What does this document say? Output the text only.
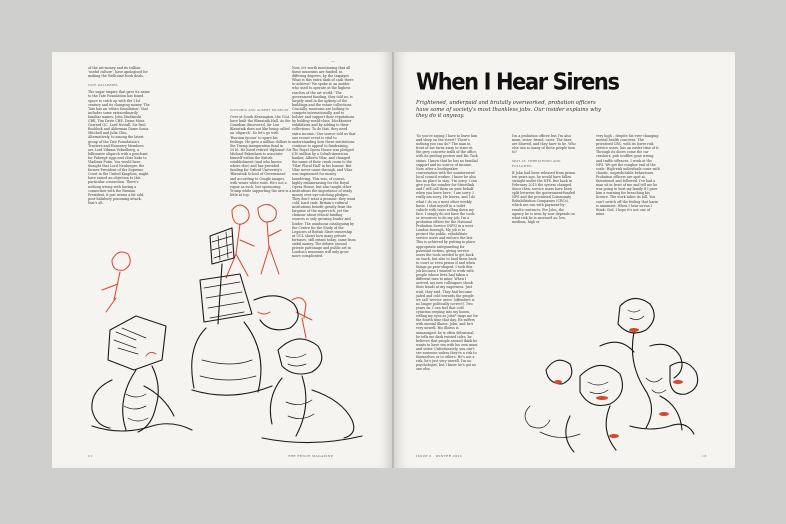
—

of the art-money and its trillion-'useful culture', have apologised for making the Wellcome book deals.

TATE GALLERIES

The sugar empire that gave its name to the Tate Foundation has found space to catch up with the 21st century and its changing money. The Tate has an 'ethics foundation': that includes some extraordinarily familiar names: John Studzinski CBE, Tim Davie CBE, Dame Mora Gerrard QC, Lord Nuttall, Sir Paul Ruddock and Alderman Dame Sonia Mitchell and Julia Chiu. Alternatively, to among the latest group of the Tate Foundation's Trustees and Honorary Members are Lord Vikram Vekselberg, a billionaire oligarch with a penchant for Fabergé eggs and close links to Vladimir Putin. You would have thought that Lord Neuberger, the former President of the Supreme Court in the United Kingdom, might have raised an objection to this particular connection. There's nothing wrong with having a connection with the Russian President, it just seems a bit odd, post-Salisbury poisoning attack, that's all.

VICTORIA AND ALBERT MUSEUM

Over at South Kensington, the V&A have built the Blavatnik Hall. As the Guardian discovered, Sir Len Blavatnik does not like being called an 'oligarch'. So let's go with 'Russian tycoon' to spare his feelings. He gave a million dollars to the Trump inauguration fund in 2016. He hired retired 'diplomat' Sir Michael Pakenham to associate himself within the British establishment (and who knows where else) and has provided funding for Oxford University's 'Blavatnik School of Government' and according to Google images, with wears white suits. He's not a rogue as such, but sponsoring Trump while supporting the arts is a little at top.

Now, it's worth mentioning that all these museums are funded, in differing degrees, by the taxpayer. What is this extra dash of cash there to achieve? We spoke to an insider who used to operate at the highest reaches of the art world. 'The government funding, they told us, is largely used in the upkeep of the buildings and the estate collections. Crucially, museums are looking to compete internationally, and to bolster and support their reputations by holding world-class, blockbuster exhibitions and by adding to their collections. To do that, they need extra income.' Our source told us that one recent event is vital to understanding how these institutions continue to appeal to fundraising. The Royal Opera House was pledged £10 million by a Cobalt-American banker, Alberto Vilar, and changed the name of their crush room to the 'Vilar Floral Hall' in his honour. But Vilar never came through, and Vilar was imprisoned for money laundering. This was, of course, highly embarrassing for the Royal Opera House, but also taught other institutions the importance of ready money over eye-catching pledges. They don't want a promise: they want cold, hard cash. Britain's cultural institutions benefit greatly from the largesse of the super-rich, yet the clamour about ethical funding sources is only growing louder and louder. The assiduous cataloguing by the Centre for the Study of the Legacies of British Slave-ownership at UCL shows how many private fortunes, still extant today, came from sinful money. The debate around private patronage and public art in London's museums will only grow more complicated.

11	THE FENCE MAGAZINE
When I Hear Sirens
Frightened, underpaid and brutally overworked, probation officers have some of society's most thankless jobs. Our insider explains why they do it anyway.

'So you're saying I have to leave him and sleep on the street? There's nothing you can do?' The man in front of me turns away to stare at the grey concrete walls of the office, with its peeling posters and Bic Tack stains. I know that he has no familial support and no source of income. Now, after a loudspeaker conversation with the uninterested local council worker, I know he also has no place to stay. 'I'm sorry. I can give you the number for Streetlink and I will call them on your behalf when you leave here.' I am sorry. I really am sorry. He leaves, and I do what I do on a most other weekly basis. I shut myself in a toilet cubicle with tears rolling down my face. I simply do not have the tools or resources to do my job. I'm a probation officer for the National Probation Service (NPS) in a west London borough. My job is to protect the public, rehabilitate service users and enforce the law. This is achieved by putting in place appropriate safeguarding for potential victims, giving service users the tools needed to get back on track, but also to haul them back to court or even prison if and when things go pear-shaped. I took this job because I wanted to work with people whose lives had taken a different turn to mine. When I arrived, my new colleagues shook their heads at my eagerness. Just wait, they said. They had become jaded and cold towards the people we call 'service users' (offenders is no longer politically correct). Two years on, I can feel that cold cynicism seeping into my bones, rolling my eyes as John* rings me for the fourth time that day. He suffers with mental illness, John, and he's very unwell. His illness is unmanaged: he is often delusional, he tells me dark twisted tales, he believes that people around think he wants to have sex with his own mum and sister. Unfortunately, you can't see someone unless they're a risk to themselves or to others. He's not a risk, he's just very unwell. I'm no psychologist, but I know he's got no one else.

I'm a probation officer, but I'm also mum, sister, friend, carer. The lines are blurred, and they have to be. Who else can so many of these people turn to?

SPAT AT, THREATENED AND FOLLOWED

If John had been released from prison ten years ago, he would have fallen straight under the NPS. But back in February 2015 the system changed. Since then, service users have been split between the government-funded NPS and the privatised Community Rehabilitation Companies (CRCs), which are run with payment-by-results contracts. For John, the agency he is seen by now depends on what risk he is assessed as: low, medium, high or

very high – despite his ever-changing mental health concerns. The privatised CRC, with its lower risk service users, has an easier time of it. Through its doors come the car crashers, pub scuffles gone wrong and traffic offences. I work at the NPS. We get the rougher end of the scale. High-risk individuals come with chaotic, unpredictable behaviours. Probation officers are spat at, threatened and followed. I've had a man sit in front of me and tell me he was going to hurt my family if I gave him a warning for breaching his licence. The work takes its toll. You can't switch off the feeling that harm is imminent. When I hear sirens I think: God, I hope it's not one of mine.

ISSUE 6 · WINTER 2020	13
